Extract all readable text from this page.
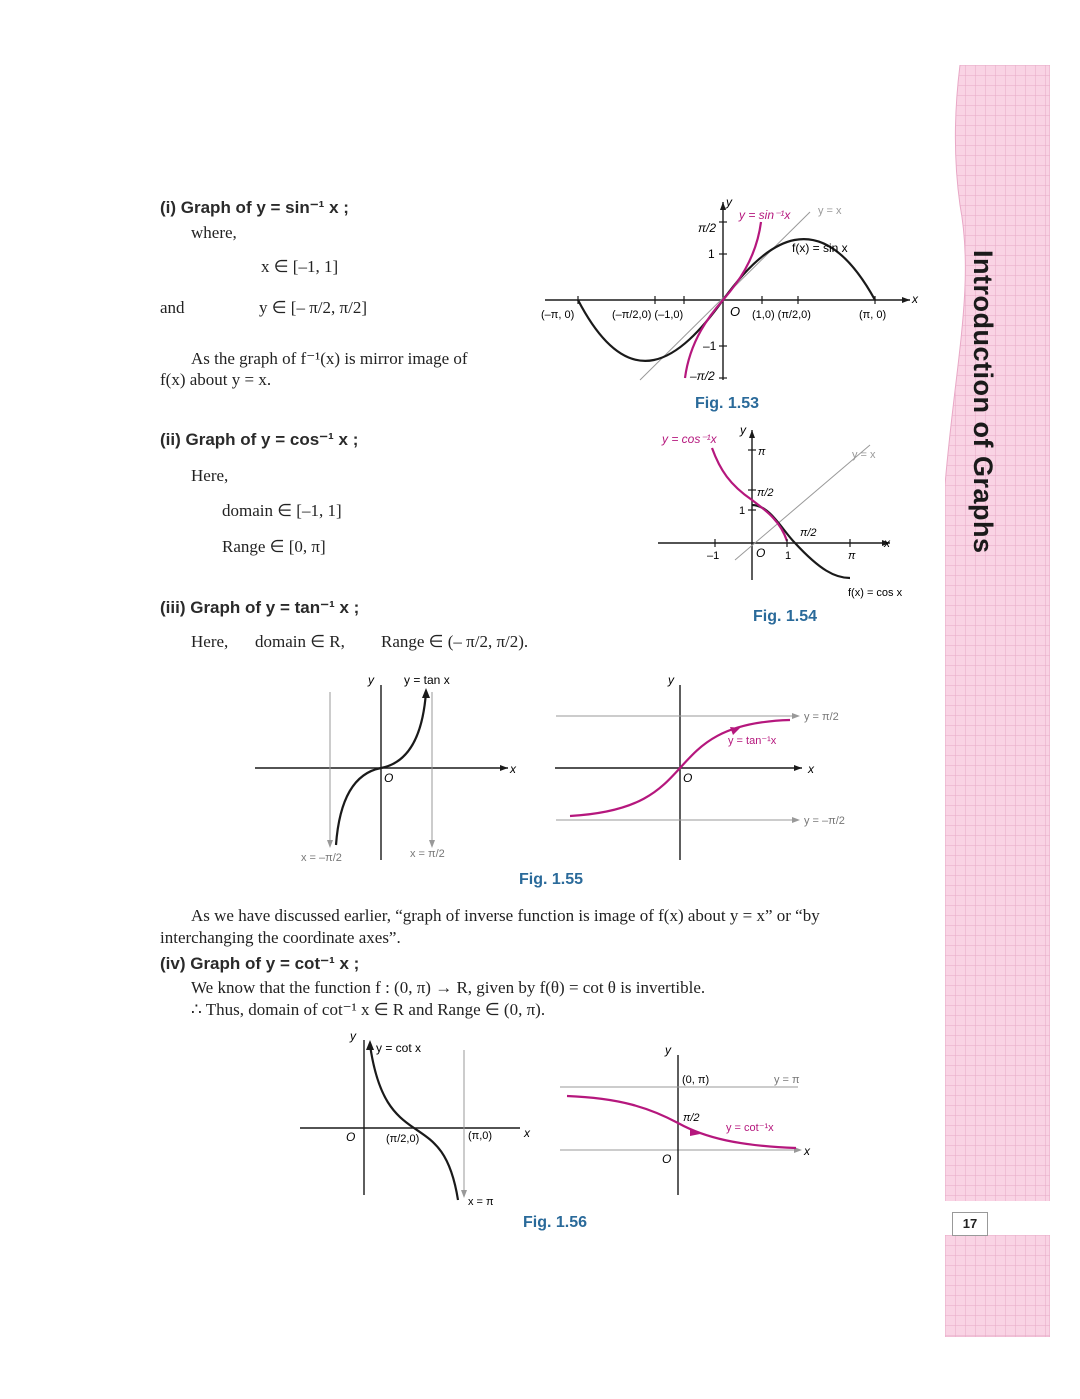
Introduction of Graphs
17
(i) Graph of y = sin⁻¹ x ;
where,
x ∈ [–1, 1]
and	y ∈ [– π/2, π/2]
As the graph of f⁻¹(x) is mirror image of
f(x) about y = x.
y
π/2
1
–1
–π/2
y = sin⁻¹x	y = x
f(x) = sin x
O
(–π, 0)	(–π/2,0) (–1,0)	(1,0) (π/2,0)	(π, 0)
x
Fig. 1.53
(ii) Graph of y = cos⁻¹ x ;
Here,
domain ∈ [–1, 1]
Range ∈ [0, π]
y = cos⁻¹x
y
π
π/2
1
y = x
π/2
x
–1	O 1	π
f(x) = cos x
Fig. 1.54
(iii) Graph of y = tan⁻¹ x ;
Here, domain ∈ R, Range ∈ (– π/2, π/2).
y	y = tan x
x
O
x = –π/2	x = π/2
y
y = π/2
y = tan⁻¹x
x
O
y = –π/2
Fig. 1.55
As we have discussed earlier, “graph of inverse function is image of f(x) about y = x” or “by
interchanging the coordinate axes”.
(iv) Graph of y = cot⁻¹ x ;
We know that the function f : (0, π) → R, given by f(θ) = cot θ is invertible.
∴ Thus, domain of cot⁻¹ x ∈ R and Range ∈ (0, π).
y
y = cot x
O	(π/2,0)	(π,0)	x
x = π
y
(0, π)	y = π
π/2
y = cot⁻¹x
x
O
Fig. 1.56
